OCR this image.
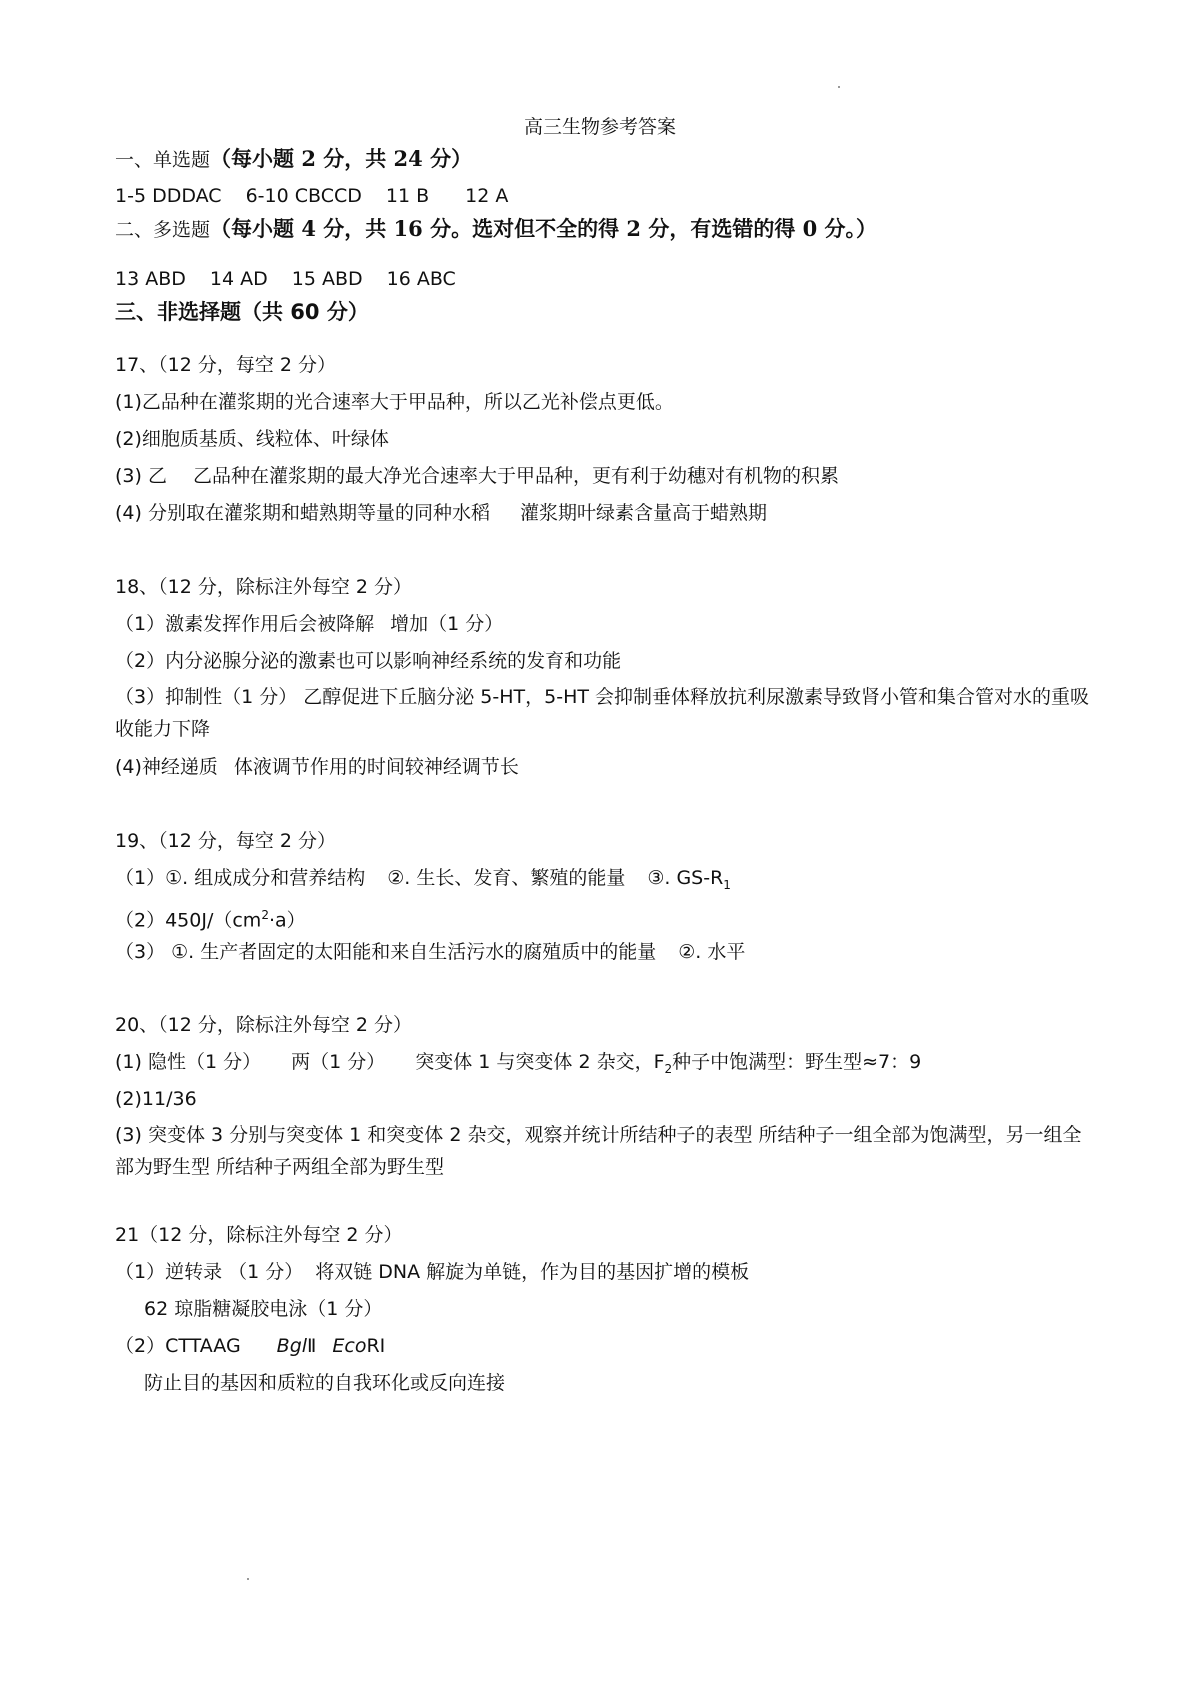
高三生物参考答案
一、单选题（每小题 2 分，共 24 分）
1-5 DDDAC 6-10 CBCCD 11 B 12 A
二、多选题（每小题 4 分，共 16 分。选对但不全的得 2 分，有选错的得 0 分。）
13 ABD 14 AD 15 ABD 16 ABC
三、非选择题（共 60 分）
17、（12 分，每空 2 分）
(1)乙品种在灌浆期的光合速率大于甲品种，所以乙光补偿点更低。
(2)细胞质基质、线粒体、叶绿体
(3) 乙 乙品种在灌浆期的最大净光合速率大于甲品种，更有利于幼穗对有机物的积累
(4) 分别取在灌浆期和蜡熟期等量的同种水稻 灌浆期叶绿素含量高于蜡熟期
18、（12 分，除标注外每空 2 分）
（1）激素发挥作用后会被降解 增加（1 分）
（2）内分泌腺分泌的激素也可以影响神经系统的发育和功能
（3）抑制性（1 分） 乙醇促进下丘脑分泌 5-HT，5-HT 会抑制垂体释放抗利尿激素导致肾小管和集合管对水的重吸收能力下降
(4)神经递质 体液调节作用的时间较神经调节长
19、（12 分，每空 2 分）
（1）①. 组成成分和营养结构 ②. 生长、发育、繁殖的能量 ③. $GS-R_1$
$(2)450J/(cm^2\cdot a)$
（3） ①. 生产者固定的太阳能和来自生活污水的腐殖质中的能量 ②. 水平
20、（12 分，除标注外每空 2 分）
(1) 隐性（1 分） 两（1 分） 突变体 1 与突变体 2 杂交，$F_2$种子中饱满型：野生型≈7：9
(2)11/36
(3) 突变体 3 分别与突变体 1 和突变体 2 杂交，观察并统计所结种子的表型 所结种子一组全部为饱满型，另一组全部为野生型 所结种子两组全部为野生型
21（12 分，除标注外每空 2 分）
（1）逆转录 （1 分） 将双链 DNA 解旋为单链，作为目的基因扩增的模板
62 琼脂糖凝胶电泳（1 分）
（2）CTTAAG BglⅡ EcoRⅠ
防止目的基因和质粒的自我环化或反向连接
